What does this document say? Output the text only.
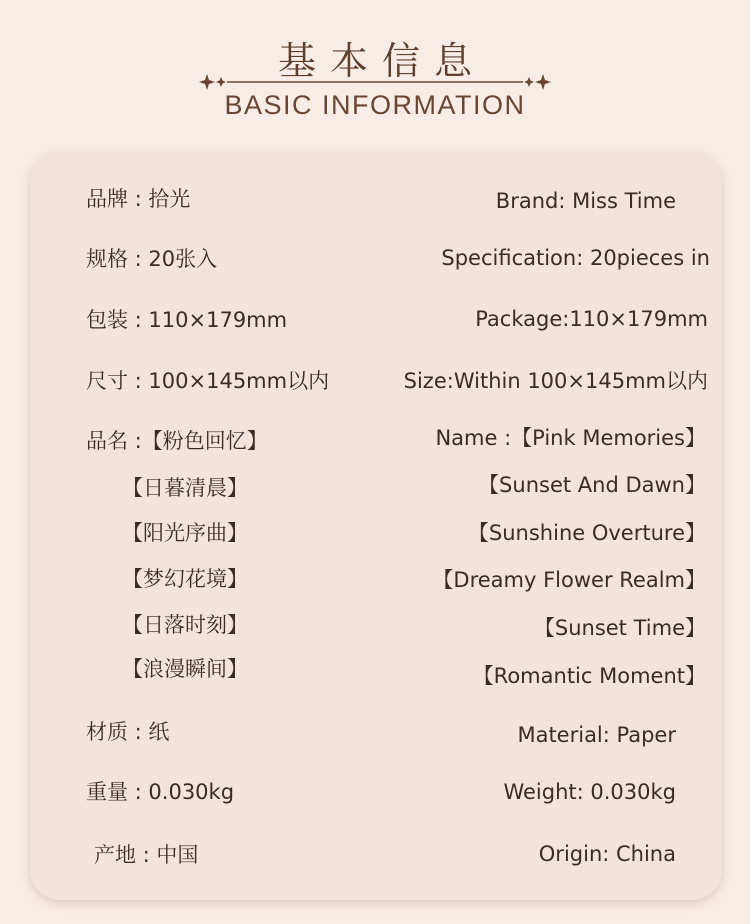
基本信息
BASIC INFORMATION
品牌 : 拾光	Brand: Miss Time
规格 : 20张入	Specification: 20pieces in
包装 : 110×179mm	Package:110×179mm
尺寸 : 100×145mm以内	Size:Within 100×145mm以内
品名 :【粉色回忆】	Name :【Pink Memories】
【日暮清晨】	【Sunset And Dawn】
【阳光序曲】	【Sunshine Overture】
【梦幻花境】	【Dreamy Flower Realm】
【日落时刻】	【Sunset Time】
【浪漫瞬间】	【Romantic Moment】
材质 : 纸	Material: Paper
重量 : 0.030kg	Weight: 0.030kg
产地 : 中国	Origin: China
